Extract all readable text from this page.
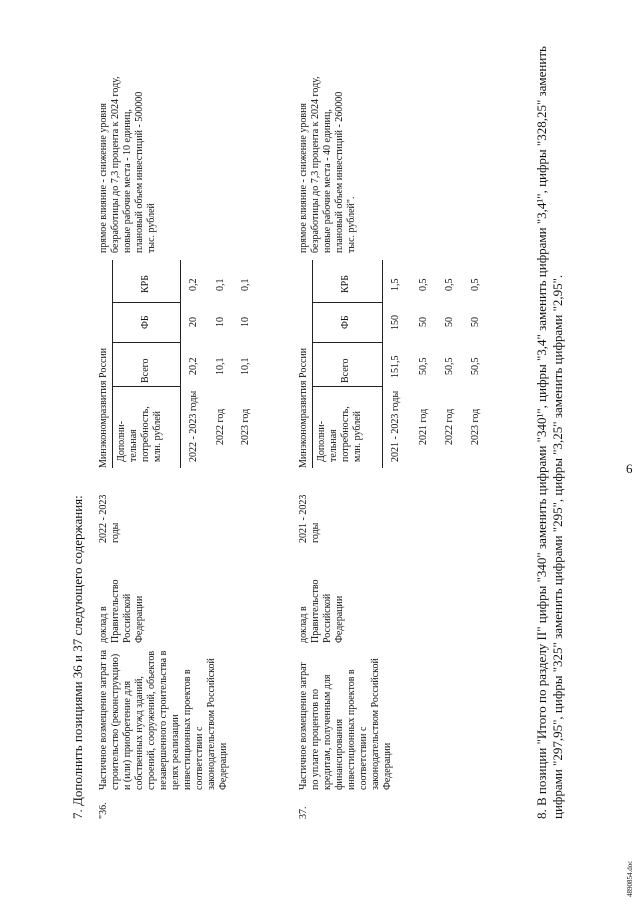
6
7. Дополнить позициями 36 и 37 следующего содержания: "36.
Частичное возмещение затрат на строительство (реконструкцию) и (или) приобретение для собственных нужд зданий, строений, сооружений, объектов незавершенного строительства в целях реализации инвестиционных проектов в соответствии с законодательством Российской Федерации
доклад в Правительство Российской Федерации
2022 - 2023 годы
Минэкономразвития России Дополни-тельная потребность, млн. рублей
Всего
ФБ
КРБ
2022 - 2023 годы
20,2
20
0,2
2022 год
10,1
10
0,1
2023 год
10,1
10
0,1
прямое влияние - снижение уровня безработицы до 7,3 процента к 2024 году, новые рабочие места - 10 единиц, плановый объем инвестиций - 500000 тыс. рублей
37.
Частичное возмещение затрат по уплате процентов по кредитам, полученным для финансирования инвестиционных проектов в соответствии с законодательством Российской Федерации
доклад в Правительство Российской Федерации
2021 - 2023 годы
Минэкономразвития России Дополни-тельная потребность, млн. рублей
Всего
ФБ
КРБ
2021 - 2023 годы
151,5
150
1,5
2021 год
50,5
50
0,5
2022 год
50,5
50
0,5
2023 год
50,5
50
0,5
прямое влияние - снижение уровня безработицы до 7,3 процента к 2024 году, новые рабочие места - 40 единиц, плановый объем инвестиций - 260000 тыс. рублей".	8. В позиции "Итого по разделу II" цифры "340" заменить цифрами "340¹", цифры "3,4" заменить цифрами "3,4¹", цифры "328,25" заменить цифрами "297,95", цифры "325" заменить цифрами "295", цифры "3,25" заменить цифрами "2,95".
4890854.doc
